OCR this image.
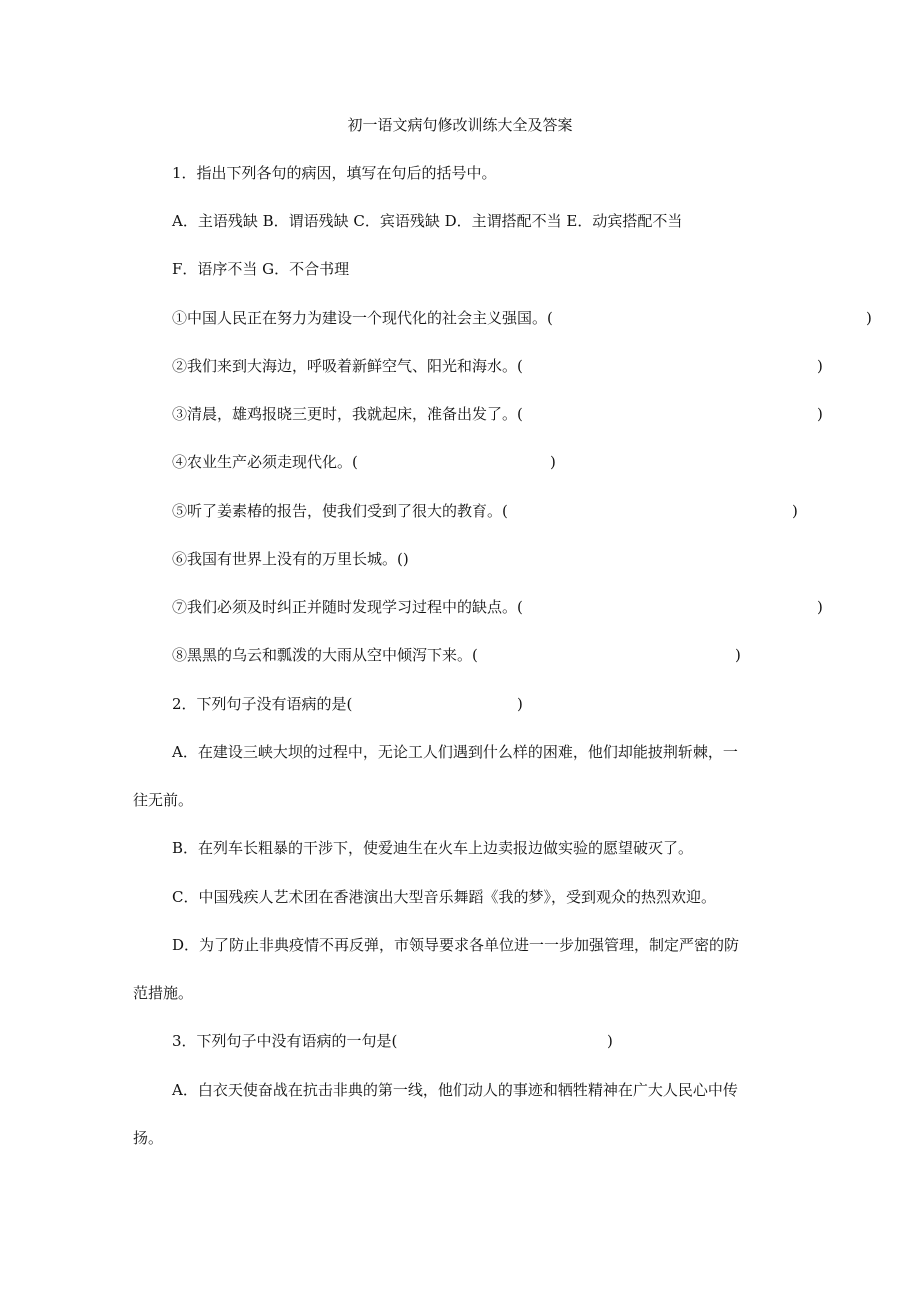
初一语文病句修改训练大全及答案
1．指出下列各句的病因，填写在句后的括号中。
A．主语残缺 B．谓语残缺 C．宾语残缺 D．主谓搭配不当 E．动宾搭配不当
F．语序不当 G．不合书理
①中国人民正在努力为建设一个现代化的社会主义强国。(	)
②我们来到大海边，呼吸着新鲜空气、阳光和海水。(	)
③清晨，雄鸡报晓三更时，我就起床，准备出发了。(	)
④农业生产必须走现代化。(	)
⑤听了姜素椿的报告，使我们受到了很大的教育。(	)
⑥我国有世界上没有的万里长城。()
⑦我们必须及时纠正并随时发现学习过程中的缺点。(	)
⑧黑黑的乌云和瓢泼的大雨从空中倾泻下来。(	)
2．下列句子没有语病的是(	)
A．在建设三峡大坝的过程中，无论工人们遇到什么样的困难，他们却能披荆斩棘，一
往无前。
B．在列车长粗暴的干涉下，使爱迪生在火车上边卖报边做实验的愿望破灭了。
C．中国残疾人艺术团在香港演出大型音乐舞蹈《我的梦》，受到观众的热烈欢迎。
D．为了防止非典疫情不再反弹，市领导要求各单位进一一步加强管理，制定严密的防
范措施。
3．下列句子中没有语病的一句是(	)
A．白衣天使奋战在抗击非典的第一线，他们动人的事迹和牺牲精神在广大人民心中传
扬。
